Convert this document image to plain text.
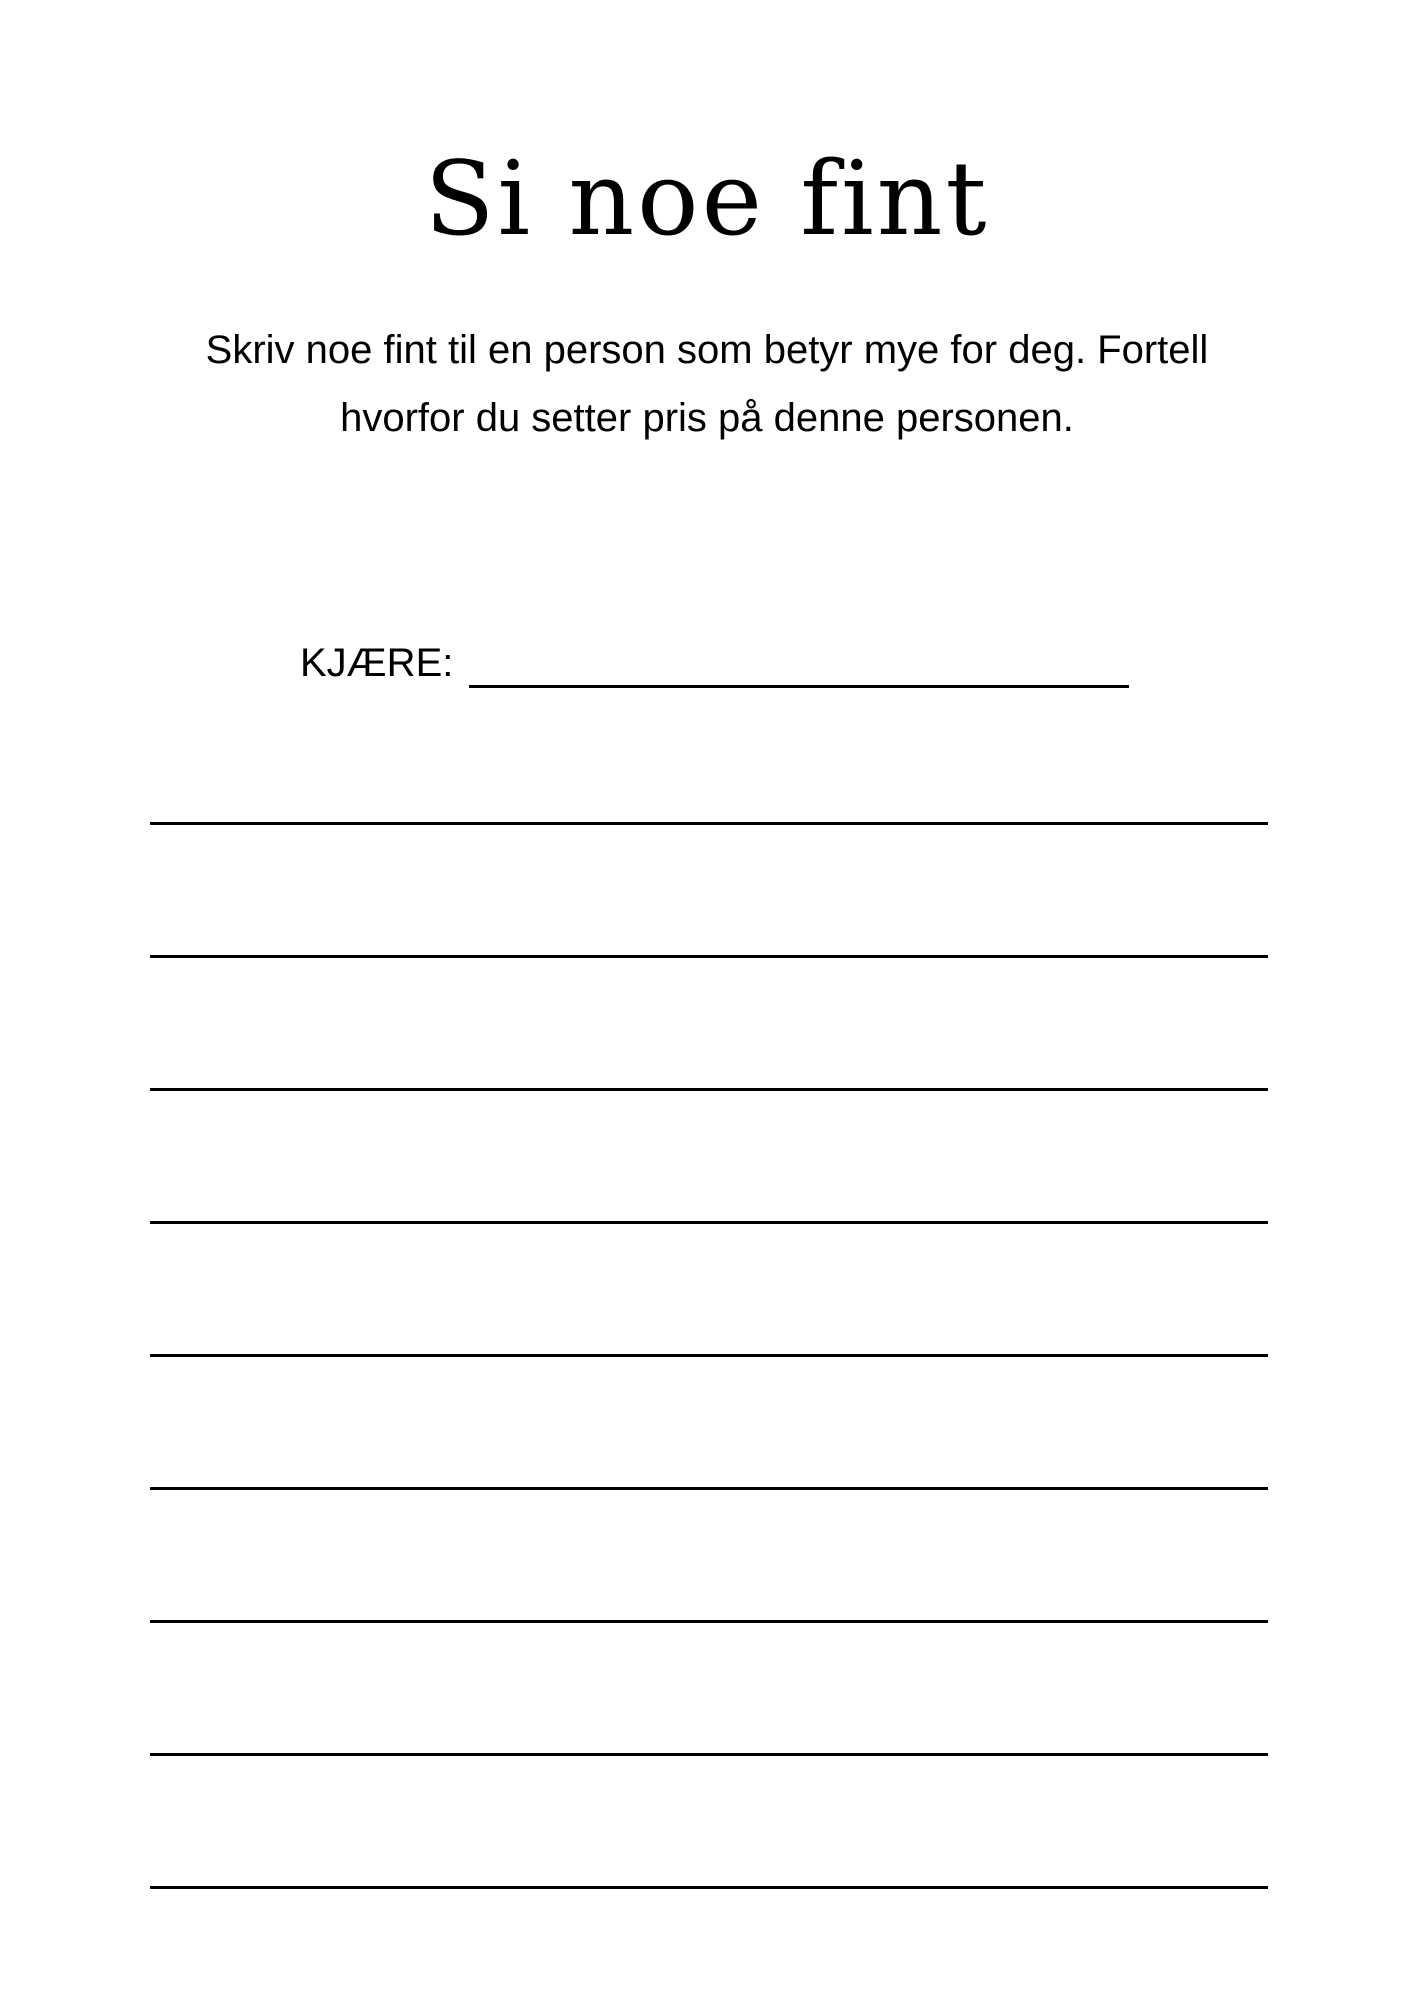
Si noe fint

Skriv noe fint til en person som betyr mye for deg. Fortell hvorfor du setter pris på denne personen.

KJÆRE:
